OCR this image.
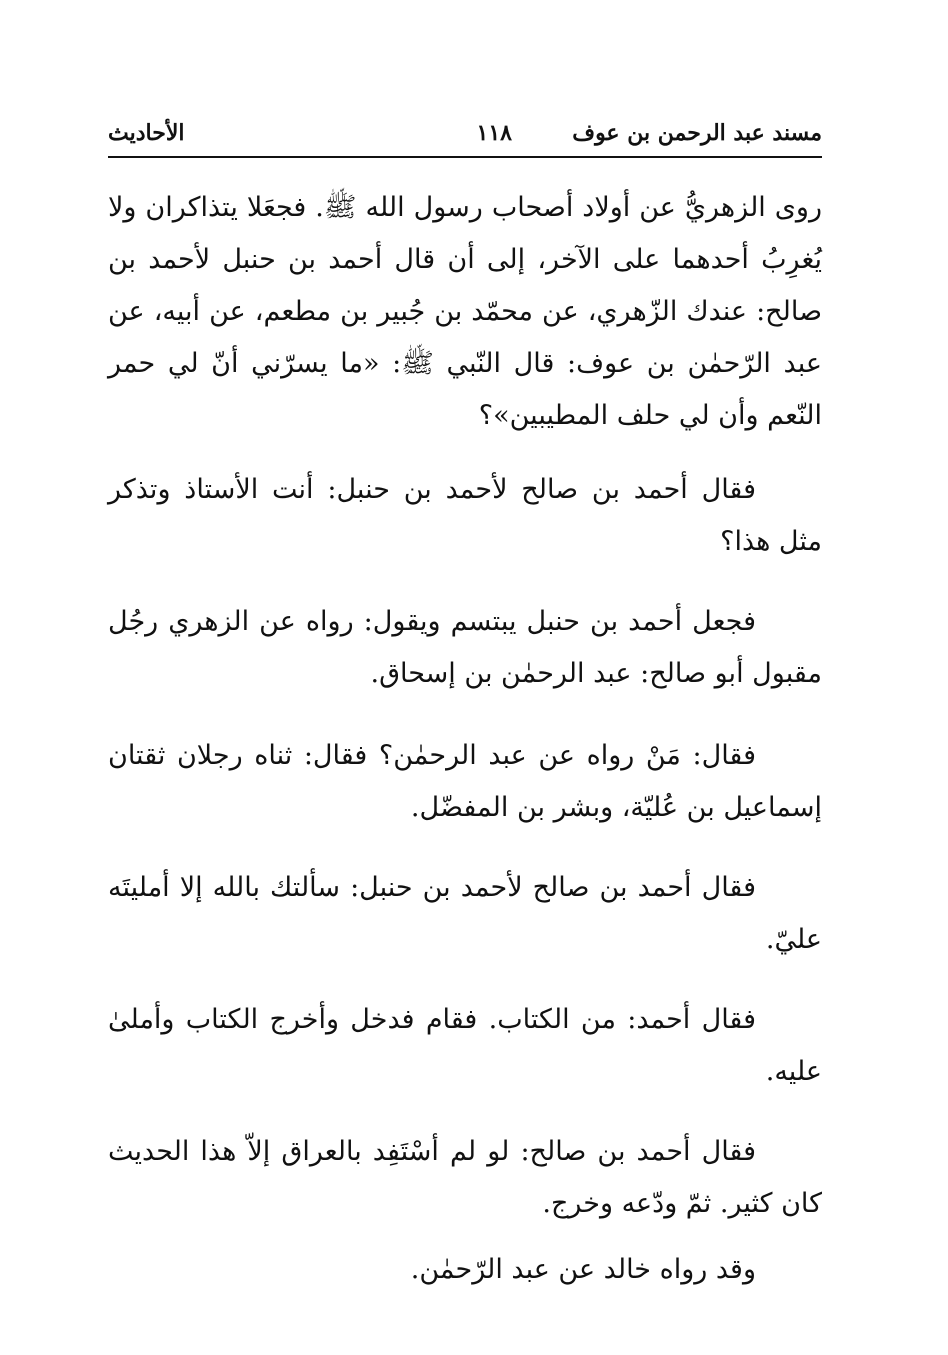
مسند عبد الرحمن بن عوف
١١٨
الأحاديث

روى الزهريُّ عن أولاد أصحاب رسول الله ﷺ. فجعَلا يتذاكران ولا يُغرِبُ أحدهما على الآخر، إلى أن قال أحمد بن حنبل لأحمد بن صالح: عندك الزّهري، عن محمّد بن جُبير بن مطعم، عن أبيه، عن عبد الرّحمٰن بن عوف: قال النّبي ﷺ: «ما يسرّني أنّ لي حمر النّعم وأن لي حلف المطيبين»؟

فقال أحمد بن صالح لأحمد بن حنبل: أنت الأستاذ وتذكر مثل هذا؟

فجعل أحمد بن حنبل يبتسم ويقول: رواه عن الزهري رجُل مقبول أبو صالح: عبد الرحمٰن بن إسحاق.

فقال: مَنْ رواه عن عبد الرحمٰن؟ فقال: ثناه رجلان ثقتان إسماعيل بن عُليّة، وبشر بن المفضّل.

فقال أحمد بن صالح لأحمد بن حنبل: سألتك بالله إلا أمليتَه عليّ.

فقال أحمد: من الكتاب. فقام فدخل وأخرج الكتاب وأملىٰ عليه.

فقال أحمد بن صالح: لو لم أسْتَفِد بالعراق إلاّ هذا الحديث كان كثير. ثمّ ودّعه وخرج.

وقد رواه خالد عن عبد الرّحمٰن.
